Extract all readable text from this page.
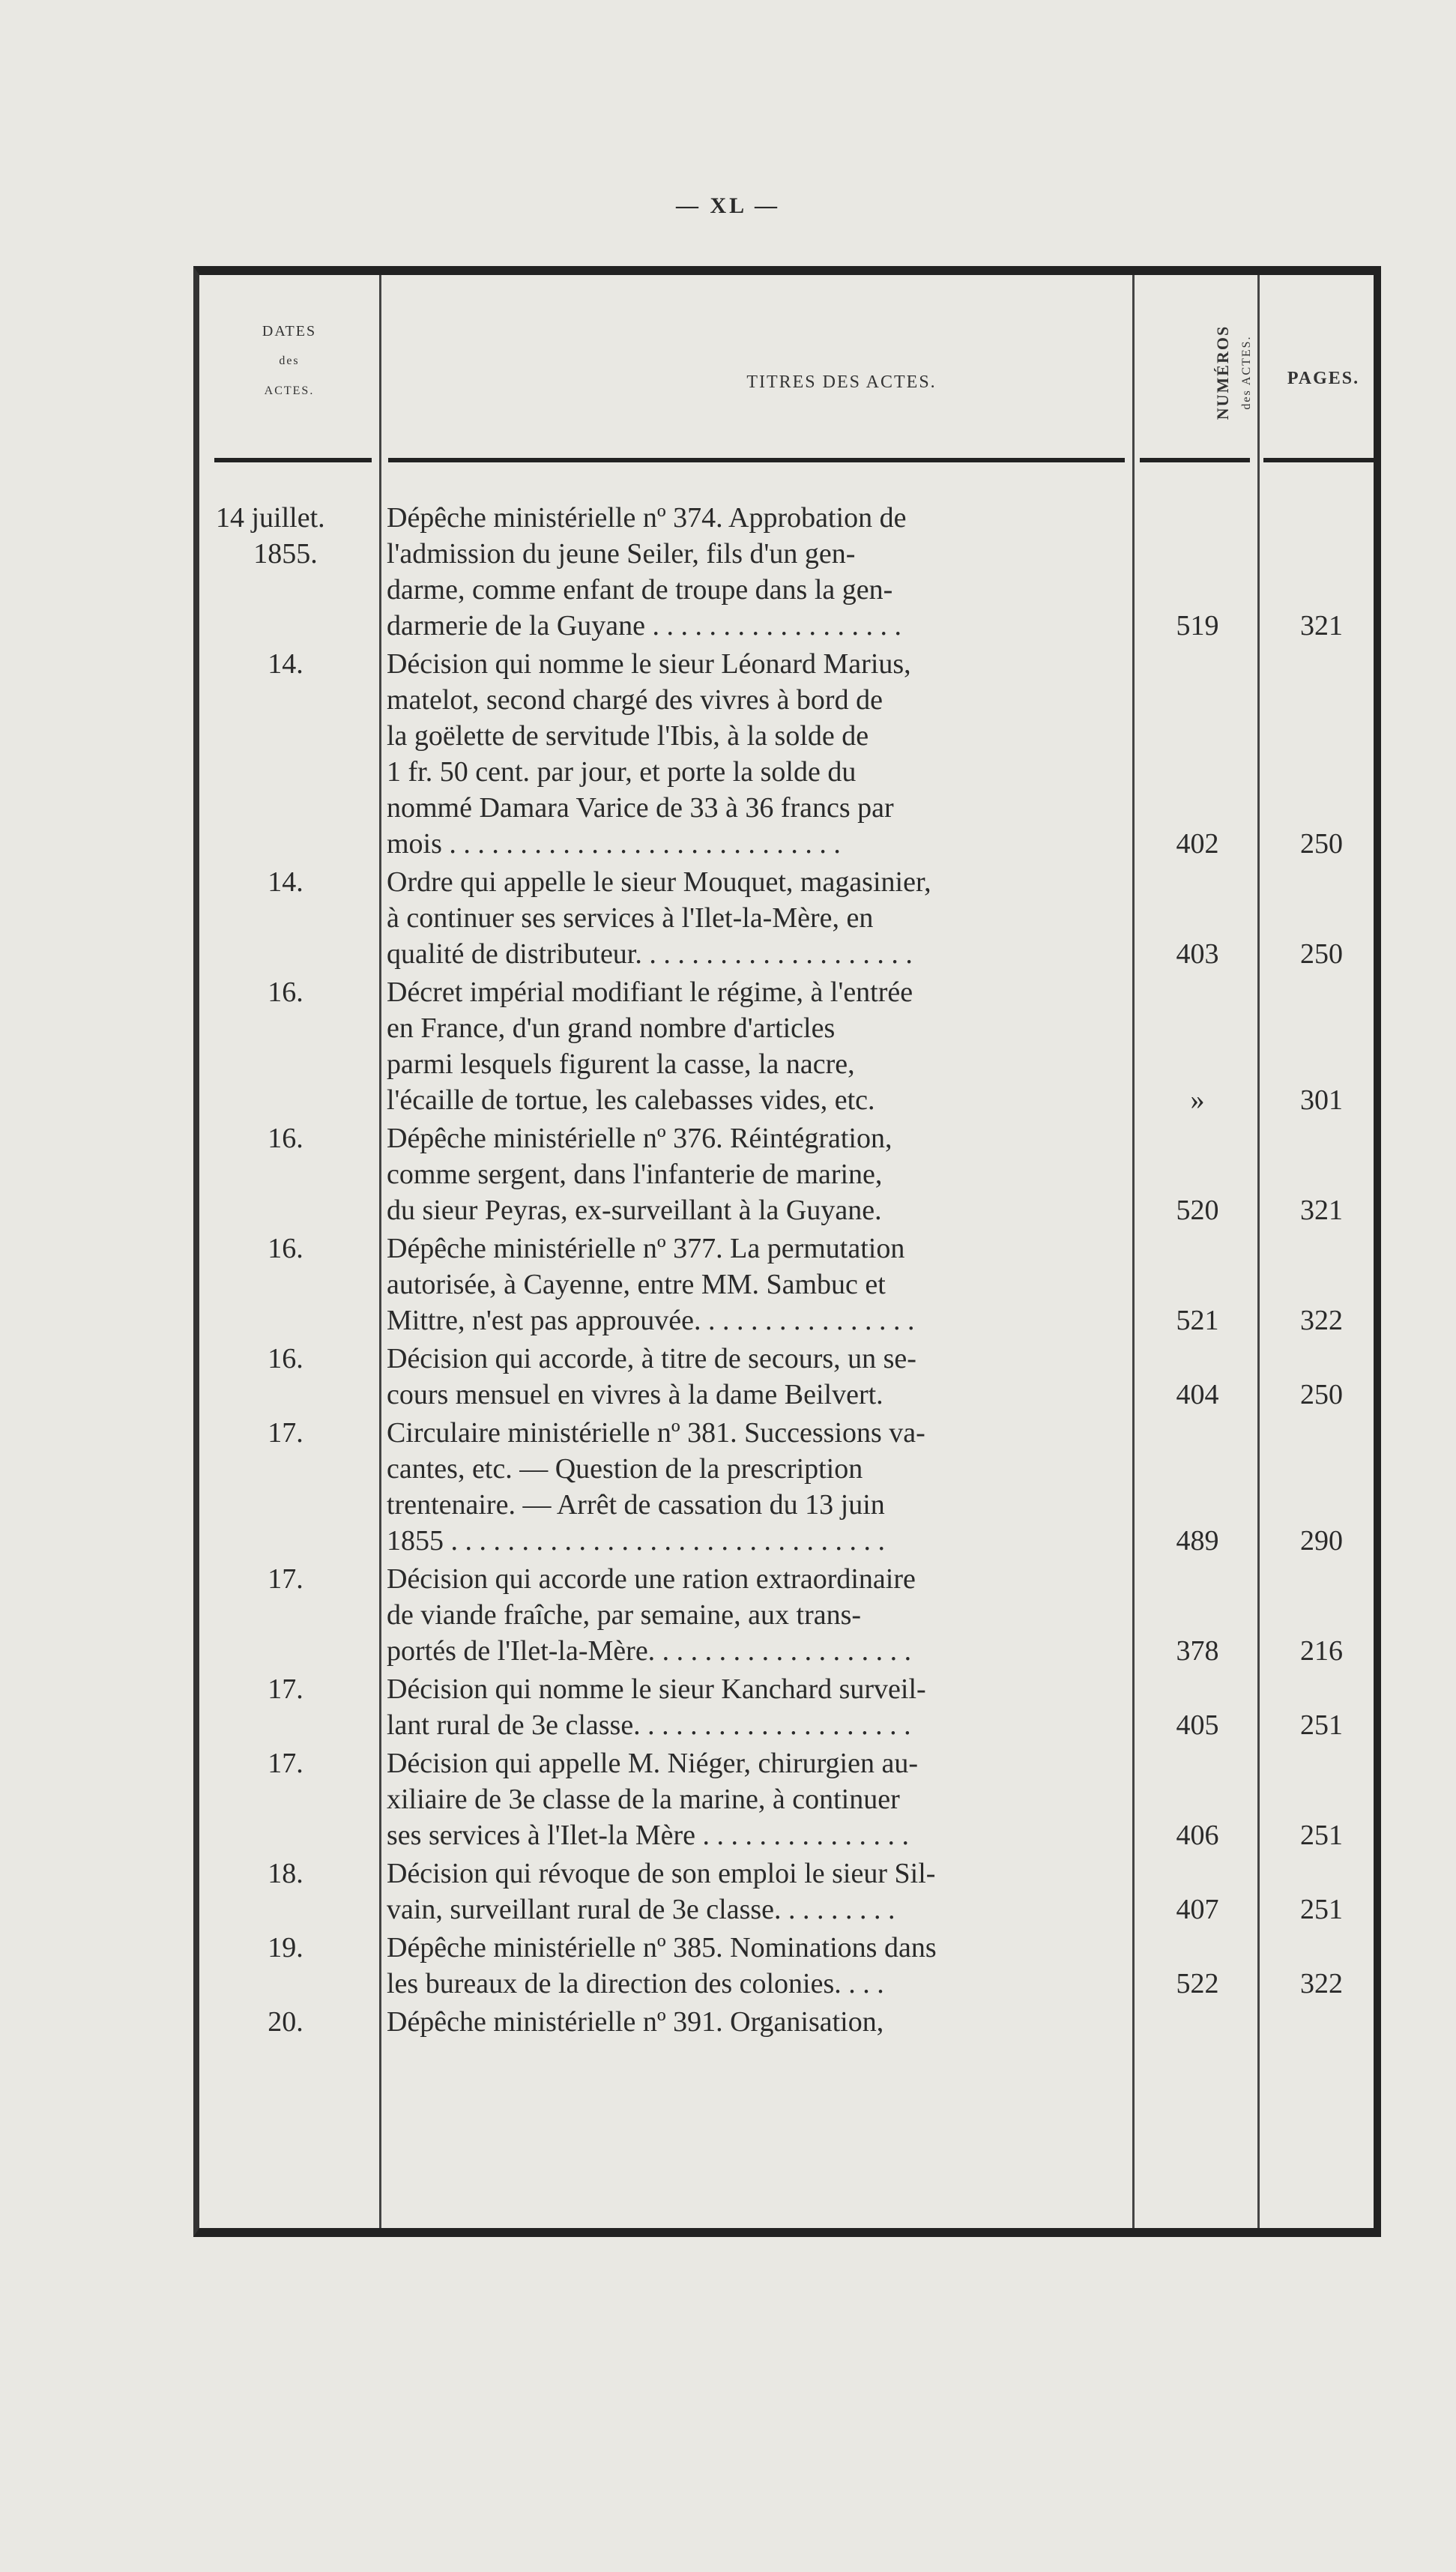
— XL —
DATES
des
ACTES.	TITRES DES ACTES.	NUMÉROS des ACTES.	PAGES.
14 juillet.
1855.
Dépêche ministérielle nº 374. Approbation de
l'admission du jeune Seiler, fils d'un gen-
darme, comme enfant de troupe dans la gen-
darmerie de la Guyane . . . . . . . . . . . . . . . . . .	519	321
14.	Décision qui nomme le sieur Léonard Marius,
matelot, second chargé des vivres à bord de
la goëlette de servitude l'Ibis, à la solde de
1 fr. 50 cent. par jour, et porte la solde du
nommé Damara Varice de 33 à 36 francs par
mois . . . . . . . . . . . . . . . . . . . . . . . . . . . .	402	250
14.	Ordre qui appelle le sieur Mouquet, magasinier,
à continuer ses services à l'Ilet-la-Mère, en
qualité de distributeur. . . . . . . . . . . . . . . . . . . .	403	250
16.	Décret impérial modifiant le régime, à l'entrée
en France, d'un grand nombre d'articles
parmi lesquels figurent la casse, la nacre,
l'écaille de tortue, les calebasses vides, etc.	»	301
16.	Dépêche ministérielle nº 376. Réintégration,
comme sergent, dans l'infanterie de marine,
du sieur Peyras, ex-surveillant à la Guyane.	520	321
16.	Dépêche ministérielle nº 377. La permutation
autorisée, à Cayenne, entre MM. Sambuc et
Mittre, n'est pas approuvée. . . . . . . . . . . . . . . .	521	322
16.	Décision qui accorde, à titre de secours, un se-
cours mensuel en vivres à la dame Beilvert.	404	250
17.	Circulaire ministérielle nº 381. Successions va-
cantes, etc. — Question de la prescription
trentenaire. — Arrêt de cassation du 13 juin
1855 . . . . . . . . . . . . . . . . . . . . . . . . . . . . . . .	489	290
17.	Décision qui accorde une ration extraordinaire
de viande fraîche, par semaine, aux trans-
portés de l'Ilet-la-Mère. . . . . . . . . . . . . . . . . . .	378	216
17.	Décision qui nomme le sieur Kanchard surveil-
lant rural de 3e classe. . . . . . . . . . . . . . . . . . . .	405	251
17.	Décision qui appelle M. Niéger, chirurgien au-
xiliaire de 3e classe de la marine, à continuer
ses services à l'Ilet-la Mère . . . . . . . . . . . . . . .	406	251
18.	Décision qui révoque de son emploi le sieur Sil-
vain, surveillant rural de 3e classe. . . . . . . . .	407	251
19.	Dépêche ministérielle nº 385. Nominations dans
les bureaux de la direction des colonies. . . .	522	322
20.	Dépêche ministérielle nº 391. Organisation,
